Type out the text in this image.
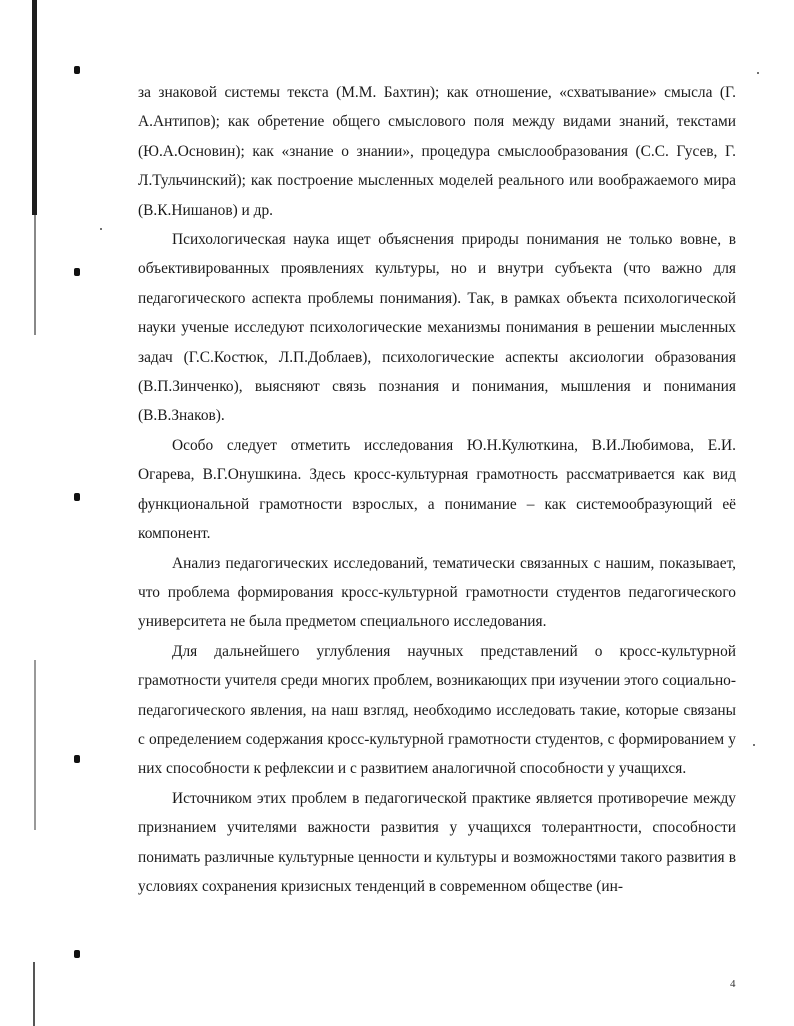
за знаковой системы текста (М.М. Бахтин); как отношение, «схватывание» смысла (Г. А.Антипов); как обретение общего смыслового поля между видами знаний, текстами (Ю.А.Основин); как «знание о знании», процедура смыслообразования (С.С. Гусев, Г. Л.Тульчинский); как построение мысленных моделей реального или воображаемого мира (В.К.Нишанов) и др.

Психологическая наука ищет объяснения природы понимания не только вовне, в объективированных проявлениях культуры, но и внутри субъекта (что важно для педагогического аспекта проблемы понимания). Так, в рамках объекта психологической науки ученые исследуют психологические механизмы понимания в решении мысленных задач (Г.С.Костюк, Л.П.Доблаев), психологические аспекты аксиологии образования (В.П.Зинченко), выясняют связь познания и понимания, мышления и понимания (В.В.Знаков).

Особо следует отметить исследования Ю.Н.Кулюткина, В.И.Любимова, Е.И. Огарева, В.Г.Онушкина. Здесь кросс-культурная грамотность рассматривается как вид функциональной грамотности взрослых, а понимание – как системообразующий её компонент.

Анализ педагогических исследований, тематически связанных с нашим, показывает, что проблема формирования кросс-культурной грамотности студентов педагогического университета не была предметом специального исследования.

Для дальнейшего углубления научных представлений о кросс-культурной грамотности учителя среди многих проблем, возникающих при изучении этого социально-педагогического явления, на наш взгляд, необходимо исследовать такие, которые связаны с определением содержания кросс-культурной грамотности студентов, с формированием у них способности к рефлексии и с развитием аналогичной способности у учащихся.

Источником этих проблем в педагогической практике является противоречие между признанием учителями важности развития у учащихся толерантности, способности понимать различные культурные ценности и культуры и возможностями такого развития в условиях сохранения кризисных тенденций в современном обществе (ин-

4
